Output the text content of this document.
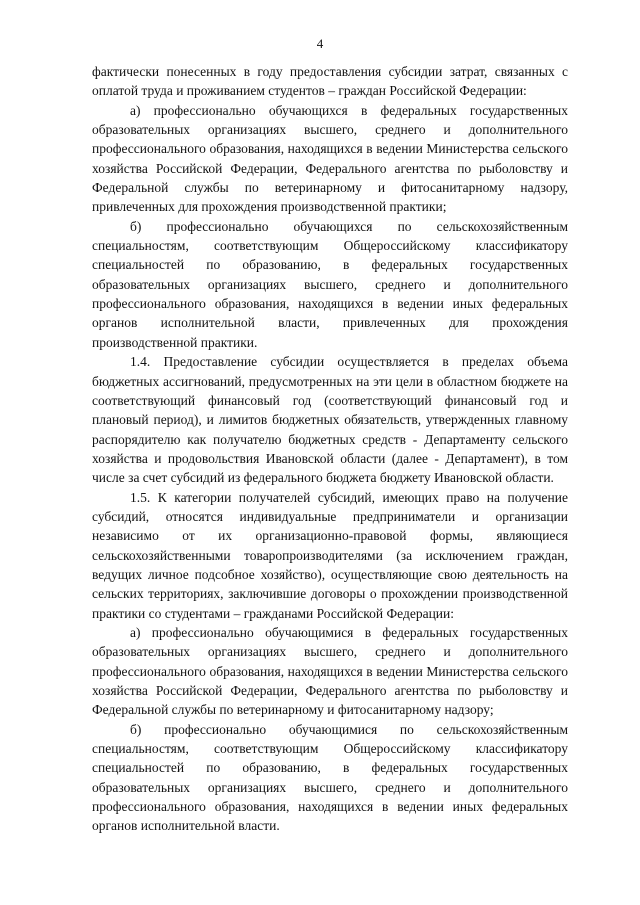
4

фактически понесенных в году предоставления субсидии затрат, связанных с оплатой труда и проживанием студентов – граждан Российской Федерации:

а) профессионально обучающихся в федеральных государственных образовательных организациях высшего, среднего и дополнительного профессионального образования, находящихся в ведении Министерства сельского хозяйства Российской Федерации, Федерального агентства по рыболовству и Федеральной службы по ветеринарному и фитосанитарному надзору, привлеченных для прохождения производственной практики;

б) профессионально обучающихся по сельскохозяйственным специальностям, соответствующим Общероссийскому классификатору специальностей по образованию, в федеральных государственных образовательных организациях высшего, среднего и дополнительного профессионального образования, находящихся в ведении иных федеральных органов исполнительной власти, привлеченных для прохождения производственной практики.

1.4. Предоставление субсидии осуществляется в пределах объема бюджетных ассигнований, предусмотренных на эти цели в областном бюджете на соответствующий финансовый год (соответствующий финансовый год и плановый период), и лимитов бюджетных обязательств, утвержденных главному распорядителю как получателю бюджетных средств - Департаменту сельского хозяйства и продовольствия Ивановской области (далее - Департамент), в том числе за счет субсидий из федерального бюджета бюджету Ивановской области.

1.5. К категории получателей субсидий, имеющих право на получение субсидий, относятся индивидуальные предприниматели и организации независимо от их организационно-правовой формы, являющиеся сельскохозяйственными товаропроизводителями (за исключением граждан, ведущих личное подсобное хозяйство), осуществляющие свою деятельность на сельских территориях, заключившие договоры о прохождении производственной практики со студентами – гражданами Российской Федерации:

а) профессионально обучающимися в федеральных государственных образовательных организациях высшего, среднего и дополнительного профессионального образования, находящихся в ведении Министерства сельского хозяйства Российской Федерации, Федерального агентства по рыболовству и Федеральной службы по ветеринарному и фитосанитарному надзору;

б) профессионально обучающимися по сельскохозяйственным специальностям, соответствующим Общероссийскому классификатору специальностей по образованию, в федеральных государственных образовательных организациях высшего, среднего и дополнительного профессионального образования, находящихся в ведении иных федеральных органов исполнительной власти.
